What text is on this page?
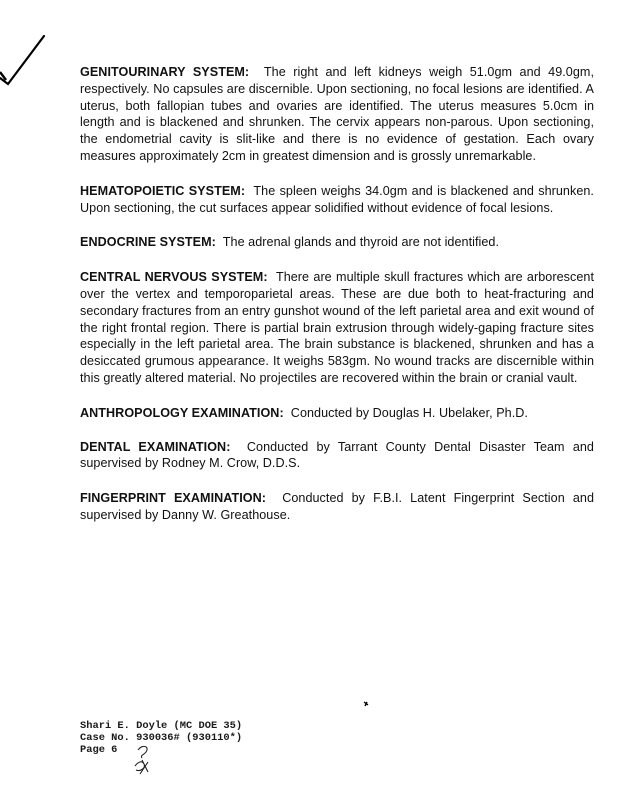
GENITOURINARY SYSTEM: The right and left kidneys weigh 51.0gm and 49.0gm, respectively. No capsules are discernible. Upon sectioning, no focal lesions are identified. A uterus, both fallopian tubes and ovaries are identified. The uterus measures 5.0cm in length and is blackened and shrunken. The cervix appears non-parous. Upon sectioning, the endometrial cavity is slit-like and there is no evidence of gestation. Each ovary measures approximately 2cm in greatest dimension and is grossly unremarkable.

HEMATOPOIETIC SYSTEM: The spleen weighs 34.0gm and is blackened and shrunken. Upon sectioning, the cut surfaces appear solidified without evidence of focal lesions.

ENDOCRINE SYSTEM: The adrenal glands and thyroid are not identified.

CENTRAL NERVOUS SYSTEM: There are multiple skull fractures which are arborescent over the vertex and temporoparietal areas. These are due both to heat-fracturing and secondary fractures from an entry gunshot wound of the left parietal area and exit wound of the right frontal region. There is partial brain extrusion through widely-gaping fracture sites especially in the left parietal area. The brain substance is blackened, shrunken and has a desiccated grumous appearance. It weighs 583gm. No wound tracks are discernible within this greatly altered material. No projectiles are recovered within the brain or cranial vault.

ANTHROPOLOGY EXAMINATION: Conducted by Douglas H. Ubelaker, Ph.D.

DENTAL EXAMINATION: Conducted by Tarrant County Dental Disaster Team and supervised by Rodney M. Crow, D.D.S.

FINGERPRINT EXAMINATION: Conducted by F.B.I. Latent Fingerprint Section and supervised by Danny W. Greathouse.

Shari E. Doyle (MC DOE 35)
Case No. 930036# (930110*)
Page 6
